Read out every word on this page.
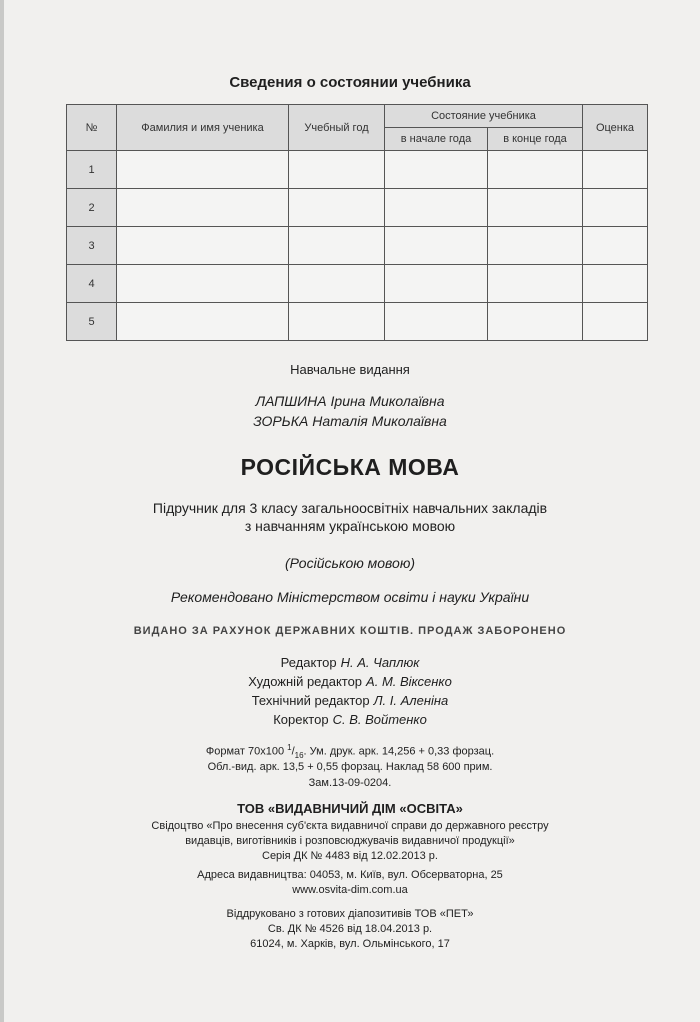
Сведения о состоянии учебника
№	Фамилия и имя ученика	Учебный год	Состояние учебника		Оценка
			в начале года	в конце года	
1					
2					
3					
4					
5					
Навчальне видання
ЛАПШИНА Ірина Миколаївна
ЗОРЬКА Наталія Миколаївна
РОСІЙСЬКА МОВА
Підручник для 3 класу загальноосвітніх навчальних закладів
з навчанням українською мовою
(Російською мовою)
Рекомендовано Міністерством освіти і науки України
ВИДАНО ЗА РАХУНОК ДЕРЖАВНИХ КОШТІВ. ПРОДАЖ ЗАБОРОНЕНО
Редактор Н. А. Чаплюк
Художній редактор А. М. Віксенко
Технічний редактор Л. І. Аленіна
Коректор С. В. Войтенко
Формат 70x100 $^1/_{16}$. Ум. друк. арк. 14,256 + 0,33 форзац.
Обл.-вид. арк. 13,5 + 0,55 форзац. Наклад 58 600 прим.
Зам.13-09-0204.
ТОВ «ВИДАВНИЧИЙ ДІМ «ОСВІТА»
Свідоцтво «Про внесення суб'єкта видавничої справи до державного реєстру
видавців, виготівників і розповсюджувачів видавничої продукції»
Серія ДК № 4483 від 12.02.2013 р.
Адреса видавництва: 04053, м. Київ, вул. Обсерваторна, 25
www.osvita-dim.com.ua
Віддруковано з готових діапозитивів ТОВ «ПЕТ»
Св. ДК № 4526 від 18.04.2013 р.
61024, м. Харків, вул. Ольмінського, 17
